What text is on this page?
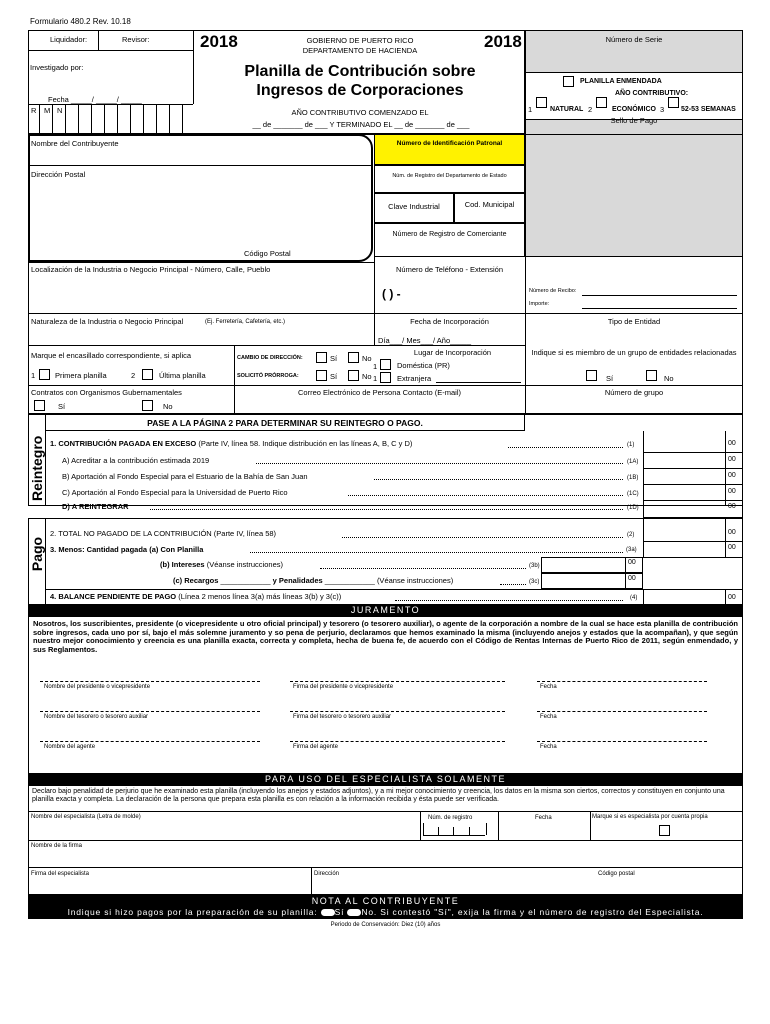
Formulario 480.2 Rev. 10.18
Liquidador:	Revisor:	2018
Investigado por:
Fecha _____/ _____/ _____
R M N
GOBIERNO DE PUERTO RICO
DEPARTAMENTO DE HACIENDA	2018
Planilla de Contribución sobre
Ingresos de Corporaciones
AÑO CONTRIBUTIVO COMENZADO EL
__ de _______ de ___ Y TERMINADO EL __ de _______ de ___
Número de Serie
PLANILLA ENMENDADA
AÑO CONTRIBUTIVO:
1	NATURAL 2	ECONÓMICO 3 52-53 SEMANAS
Sello de Pago
Nombre del Contribuyente
Dirección Postal
Código Postal
Número de Identificación Patronal
Núm. de Registro del Departamento de Estado
Clave Industrial	Cod. Municipal
Número de Registro de Comerciante
Localización de la Industria o Negocio Principal - Número, Calle, Pueblo	Número de Teléfono - Extensión
( ) -	Número de Recibo:
Importe:
Naturaleza de la Industria o Negocio Principal	(Ej. Ferretería, Cafetería, etc.)	Fecha de Incorporación
Día___/ Mes___/ Año_____
Tipo de Entidad
Marque el encasillado correspondiente, si aplica	CAMBIO DE DIRECCIÓN:	Sí	No
SOLICITÓ PRÓRROGA:	Sí	No
1
Lugar de Incorporación
Doméstica (PR)
1	Extranjera
Indique si es miembro de un grupo de entidades relacionadas
Sí	No
1	Primera planilla	2	Última planilla
Contratos con Organismos Gubernamentales
Sí	No
Correo Electrónico de Persona Contacto (E-mail)	Número de grupo
PASE A LA PÁGINA 2 PARA DETERMINAR SU REINTEGRO O PAGO.
Reintegro 1. CONTRIBUCIÓN PAGADA EN EXCESO (Parte IV, línea 58. Indique distribución en las líneas A, B, C y D)	(1)	00
A) Acreditar a la contribución estimada 2019	(1A)	00
B) Aportación al Fondo Especial para el Estuario de la Bahía de San Juan	(1B)	00
C) Aportación al Fondo Especial para la Universidad de Puerto Rico	(1C)	00
D) A REINTEGRAR	(1D)	00
Pago
2. TOTAL NO PAGADO DE LA CONTRIBUCIÓN (Parte IV, línea 58)	(2)	00
3. Menos: Cantidad pagada (a) Con Planilla	(3a)	00
(b) Intereses (Véanse instrucciones)	(3b)	00
(c) Recargos ____________ y Penalidades ____________ (Véanse instrucciones)	(3c)	00
4. BALANCE PENDIENTE DE PAGO (Línea 2 menos línea 3(a) más líneas 3(b) y 3(c))	(4)	00
JURAMENTO
Nosotros, los suscribientes, presidente (o vicepresidente u otro oficial principal) y tesorero (o tesorero auxiliar), o agente de la corporación a nombre de la cual se hace esta planilla de contribución sobre ingresos, cada uno por sí, bajo el más solemne juramento y so pena de perjurio, declaramos que hemos examinado la misma (incluyendo anejos y estados que la acompañan), y que según nuestro mejor conocimiento y creencia es una planilla exacta, correcta y completa, hecha de buena fe, de acuerdo con el Código de Rentas Internas de Puerto Rico de 2011, según enmendado, y sus Reglamentos.
Nombre del presidente o vicepresidente	Firma del presidente o vicepresidente	Fecha
Nombre del tesorero o tesorero auxiliar	Firma del tesorero o tesorero auxiliar	Fecha
Nombre del agente	Firma del agente	Fecha
PARA USO DEL ESPECIALISTA SOLAMENTE
Declaro bajo penalidad de perjurio que he examinado esta planilla (incluyendo los anejos y estados adjuntos), y a mi mejor conocimiento y creencia, los datos en la misma son ciertos, correctos y constituyen en conjunto una planilla exacta y completa. La declaración de la persona que prepara esta planilla es con relación a la información recibida y ésta puede ser verificada.
Nombre del especialista (Letra de molde)	Núm. de registro	Fecha	Marque si es especialista por cuenta propia
Nombre de la firma
Firma del especialista	Dirección	Código postal
NOTA AL CONTRIBUYENTE
Indique si hizo pagos por la preparación de su planilla: Sí No. Si contestó "Sí", exija la firma y el número de registro del Especialista.
Periodo de Conservación: Diez (10) años
